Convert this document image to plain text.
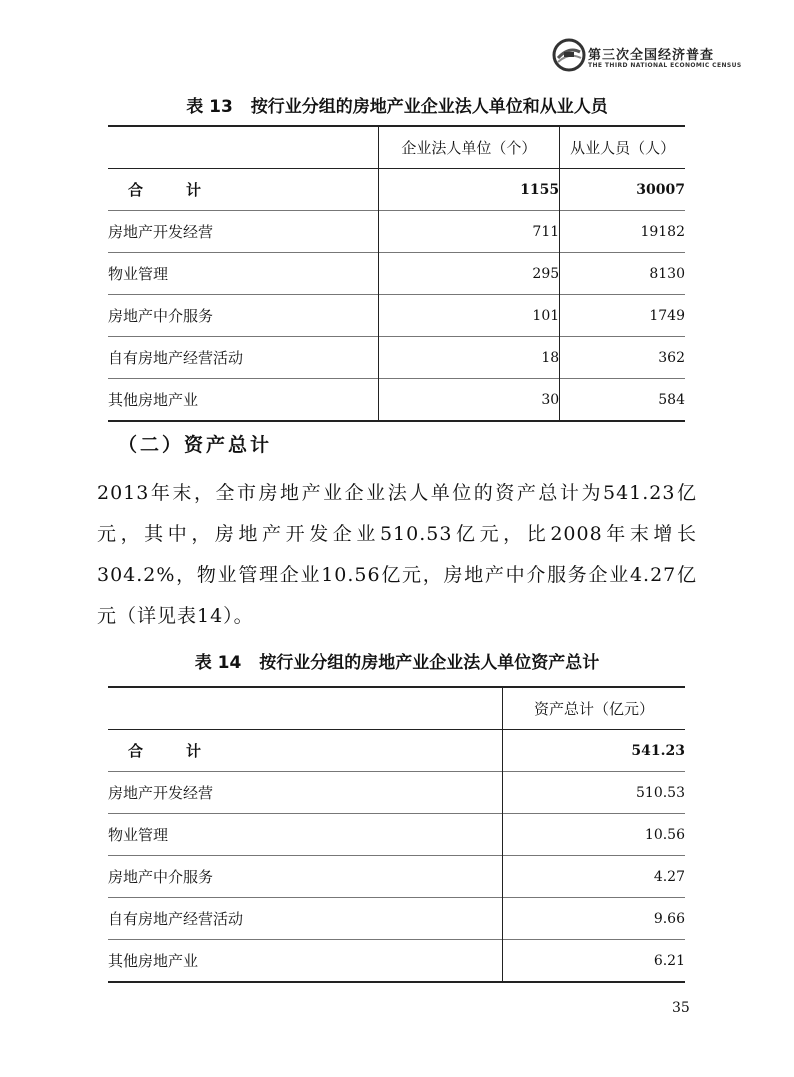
第三次全国经济普查
THE THIRD NATIONAL ECONOMIC CENSUS
表 13 按行业分组的房地产业企业法人单位和从业人员
	企业法人单位（个）	从业人员（人）
合　计	1155	30007
房地产开发经营	711	19182
物业管理	295	8130
房地产中介服务	101	1749
自有房地产经营活动	18	362
其他房地产业	30	584
（二）资产总计

2013年末，全市房地产业企业法人单位的资产总计为541.23亿元，其中，房地产开发企业510.53亿元，比2008年末增长304.2%，物业管理企业10.56亿元，房地产中介服务企业4.27亿元（详见表14）。

表 14 按行业分组的房地产业企业法人单位资产总计
	资产总计（亿元）
合　计	541.23
房地产开发经营	510.53
物业管理	10.56
房地产中介服务	4.27
自有房地产经营活动	9.66
其他房地产业	6.21
35
